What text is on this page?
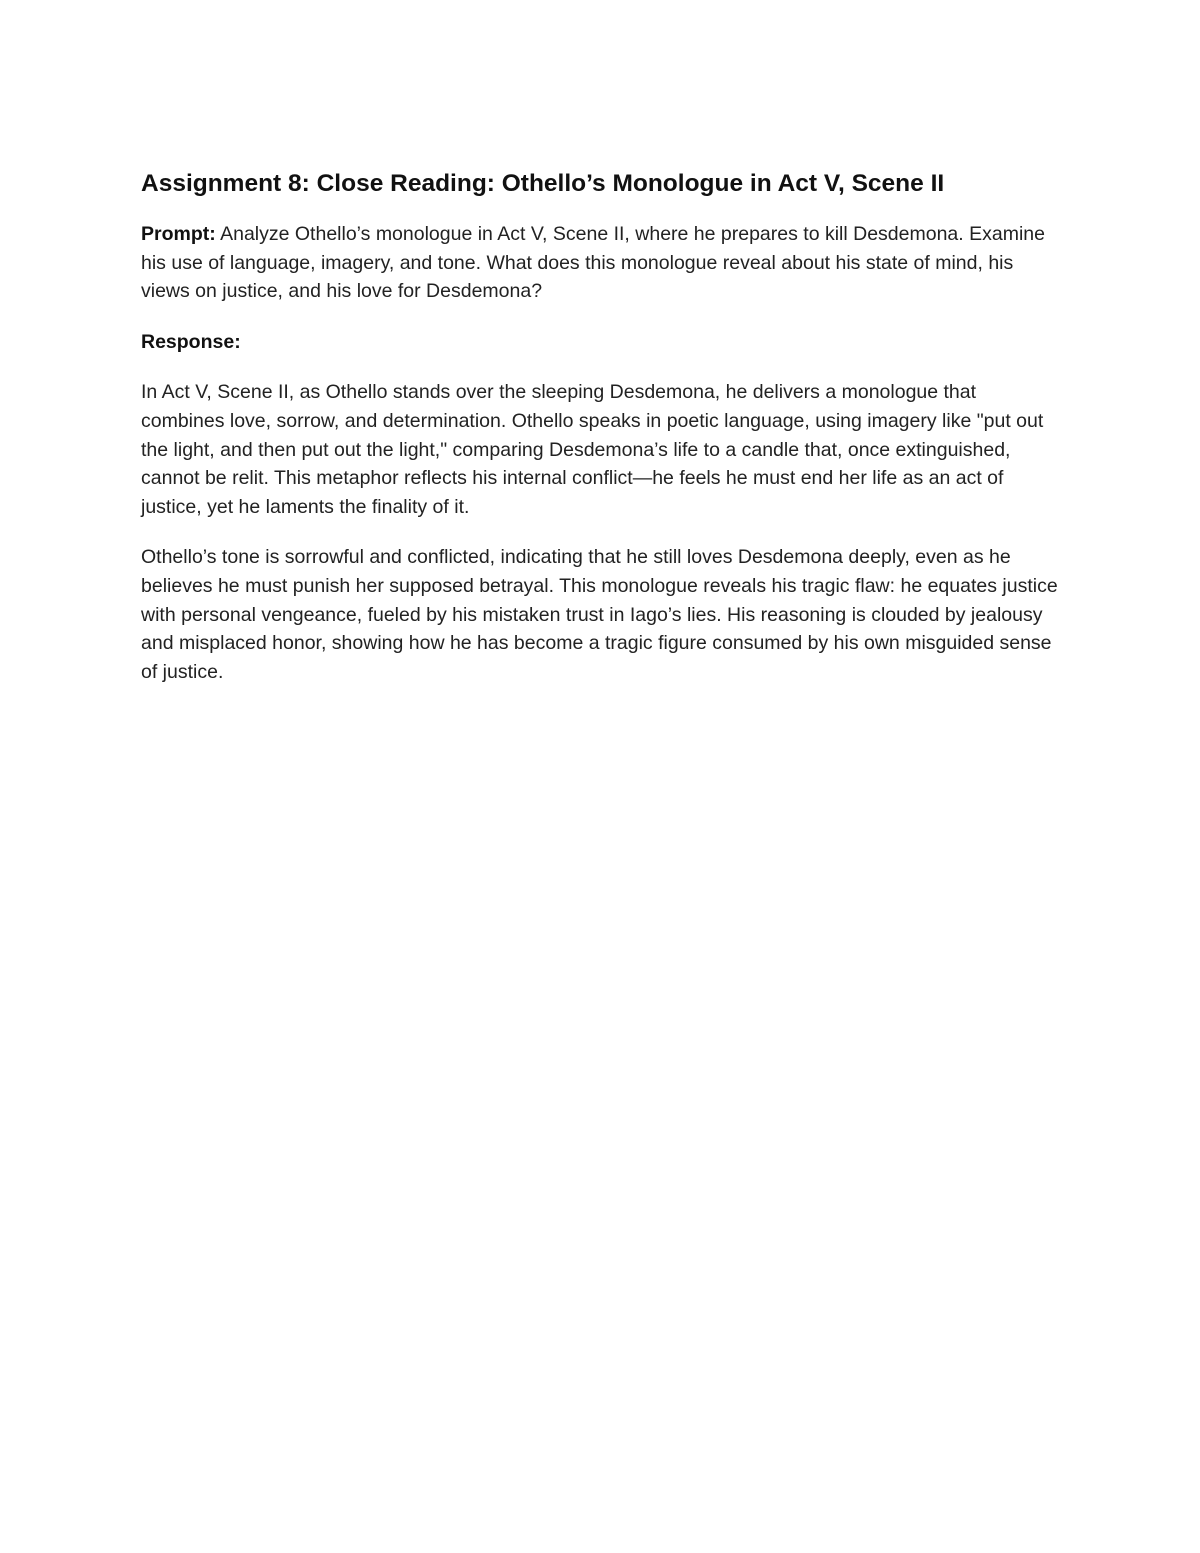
Assignment 8: Close Reading: Othello’s Monologue in Act V, Scene II

Prompt: Analyze Othello’s monologue in Act V, Scene II, where he prepares to kill Desdemona. Examine his use of language, imagery, and tone. What does this monologue reveal about his state of mind, his views on justice, and his love for Desdemona?

Response:

In Act V, Scene II, as Othello stands over the sleeping Desdemona, he delivers a monologue that combines love, sorrow, and determination. Othello speaks in poetic language, using imagery like "put out the light, and then put out the light," comparing Desdemona’s life to a candle that, once extinguished, cannot be relit. This metaphor reflects his internal conflict—he feels he must end her life as an act of justice, yet he laments the finality of it.

Othello’s tone is sorrowful and conflicted, indicating that he still loves Desdemona deeply, even as he believes he must punish her supposed betrayal. This monologue reveals his tragic flaw: he equates justice with personal vengeance, fueled by his mistaken trust in Iago’s lies. His reasoning is clouded by jealousy and misplaced honor, showing how he has become a tragic figure consumed by his own misguided sense of justice.
